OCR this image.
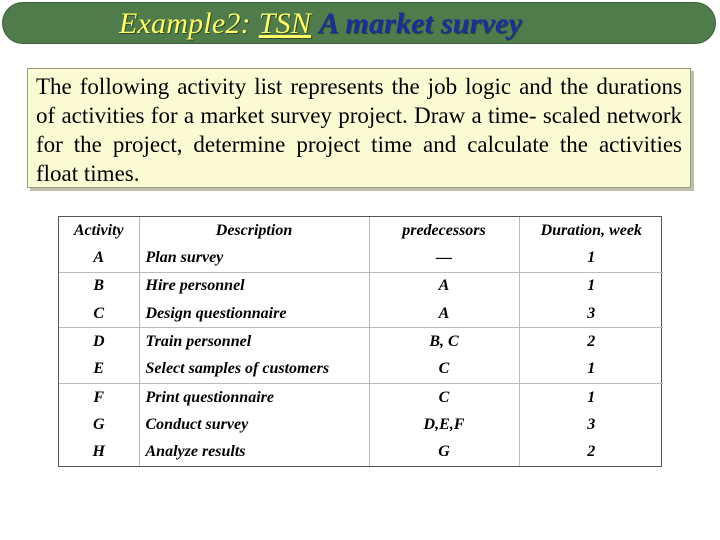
Example2: TSN A market survey

The following activity list represents the job logic and the durations of activities for a market survey project. Draw a time- scaled network for the project, determine project time and calculate the activities float times.

Activity	Description	predecessors	Duration, week
A	Plan survey	—	1
B	Hire personnel	A	1
C	Design questionnaire	A	3
D	Train personnel	B, C	2
E	Select samples of customers	C	1
F	Print questionnaire	C	1
G	Conduct survey	D,E,F	3
H	Analyze results	G	2
